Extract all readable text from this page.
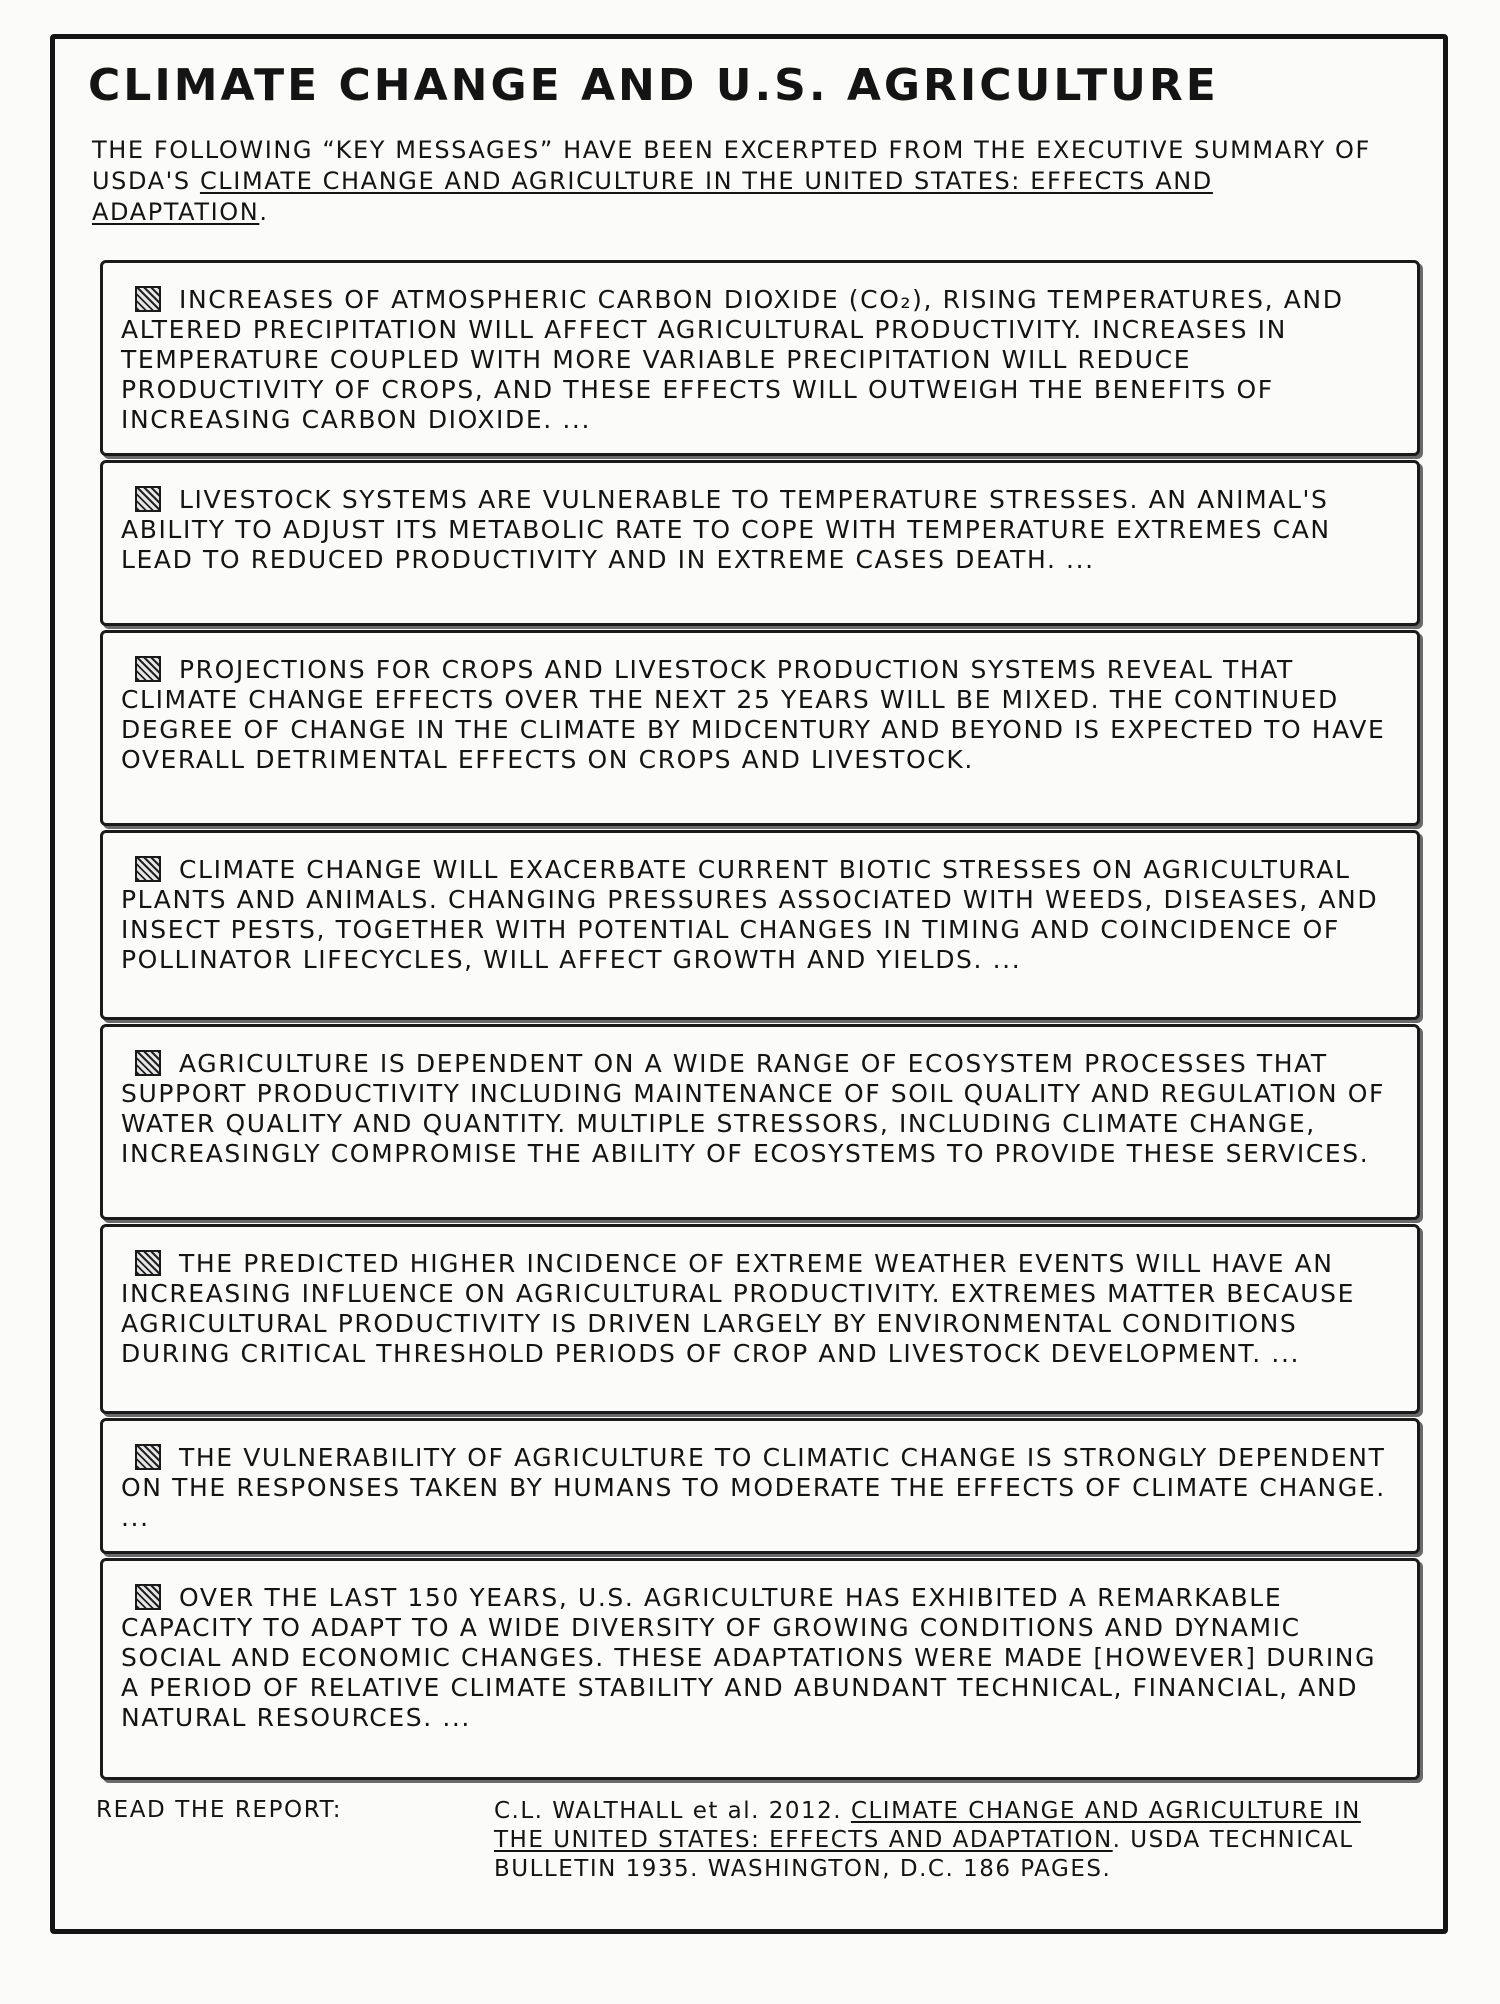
CLIMATE CHANGE AND U.S. AGRICULTURE
THE FOLLOWING “KEY MESSAGES” HAVE BEEN EXCERPTED FROM THE EXECUTIVE SUMMARY OF USDA'S CLIMATE CHANGE AND AGRICULTURE IN THE UNITED STATES: EFFECTS AND ADAPTATION.
INCREASES OF ATMOSPHERIC CARBON DIOXIDE (CO₂), RISING TEMPERATURES, AND ALTERED PRECIPITATION WILL AFFECT AGRICULTURAL PRODUCTIVITY. INCREASES IN TEMPERATURE COUPLED WITH MORE VARIABLE PRECIPITATION WILL REDUCE PRODUCTIVITY OF CROPS, AND THESE EFFECTS WILL OUTWEIGH THE BENEFITS OF INCREASING CARBON DIOXIDE. ...
LIVESTOCK SYSTEMS ARE VULNERABLE TO TEMPERATURE STRESSES. AN ANIMAL'S ABILITY TO ADJUST ITS METABOLIC RATE TO COPE WITH TEMPERATURE EXTREMES CAN LEAD TO REDUCED PRODUCTIVITY AND IN EXTREME CASES DEATH. ...
PROJECTIONS FOR CROPS AND LIVESTOCK PRODUCTION SYSTEMS REVEAL THAT CLIMATE CHANGE EFFECTS OVER THE NEXT 25 YEARS WILL BE MIXED. THE CONTINUED DEGREE OF CHANGE IN THE CLIMATE BY MIDCENTURY AND BEYOND IS EXPECTED TO HAVE OVERALL DETRIMENTAL EFFECTS ON CROPS AND LIVESTOCK.
CLIMATE CHANGE WILL EXACERBATE CURRENT BIOTIC STRESSES ON AGRICULTURAL PLANTS AND ANIMALS. CHANGING PRESSURES ASSOCIATED WITH WEEDS, DISEASES, AND INSECT PESTS, TOGETHER WITH POTENTIAL CHANGES IN TIMING AND COINCIDENCE OF POLLINATOR LIFECYCLES, WILL AFFECT GROWTH AND YIELDS. ...
AGRICULTURE IS DEPENDENT ON A WIDE RANGE OF ECOSYSTEM PROCESSES THAT SUPPORT PRODUCTIVITY INCLUDING MAINTENANCE OF SOIL QUALITY AND REGULATION OF WATER QUALITY AND QUANTITY. MULTIPLE STRESSORS, INCLUDING CLIMATE CHANGE, INCREASINGLY COMPROMISE THE ABILITY OF ECOSYSTEMS TO PROVIDE THESE SERVICES.
THE PREDICTED HIGHER INCIDENCE OF EXTREME WEATHER EVENTS WILL HAVE AN INCREASING INFLUENCE ON AGRICULTURAL PRODUCTIVITY. EXTREMES MATTER BECAUSE AGRICULTURAL PRODUCTIVITY IS DRIVEN LARGELY BY ENVIRONMENTAL CONDITIONS DURING CRITICAL THRESHOLD PERIODS OF CROP AND LIVESTOCK DEVELOPMENT. ...
THE VULNERABILITY OF AGRICULTURE TO CLIMATIC CHANGE IS STRONGLY DEPENDENT ON THE RESPONSES TAKEN BY HUMANS TO MODERATE THE EFFECTS OF CLIMATE CHANGE. ...
OVER THE LAST 150 YEARS, U.S. AGRICULTURE HAS EXHIBITED A REMARKABLE CAPACITY TO ADAPT TO A WIDE DIVERSITY OF GROWING CONDITIONS AND DYNAMIC SOCIAL AND ECONOMIC CHANGES. THESE ADAPTATIONS WERE MADE [HOWEVER] DURING A PERIOD OF RELATIVE CLIMATE STABILITY AND ABUNDANT TECHNICAL, FINANCIAL, AND NATURAL RESOURCES. ...
READ THE REPORT:	C.L. WALTHALL et al. 2012. CLIMATE CHANGE AND AGRICULTURE IN THE UNITED STATES: EFFECTS AND ADAPTATION. USDA TECHNICAL BULLETIN 1935. WASHINGTON, D.C. 186 PAGES.
